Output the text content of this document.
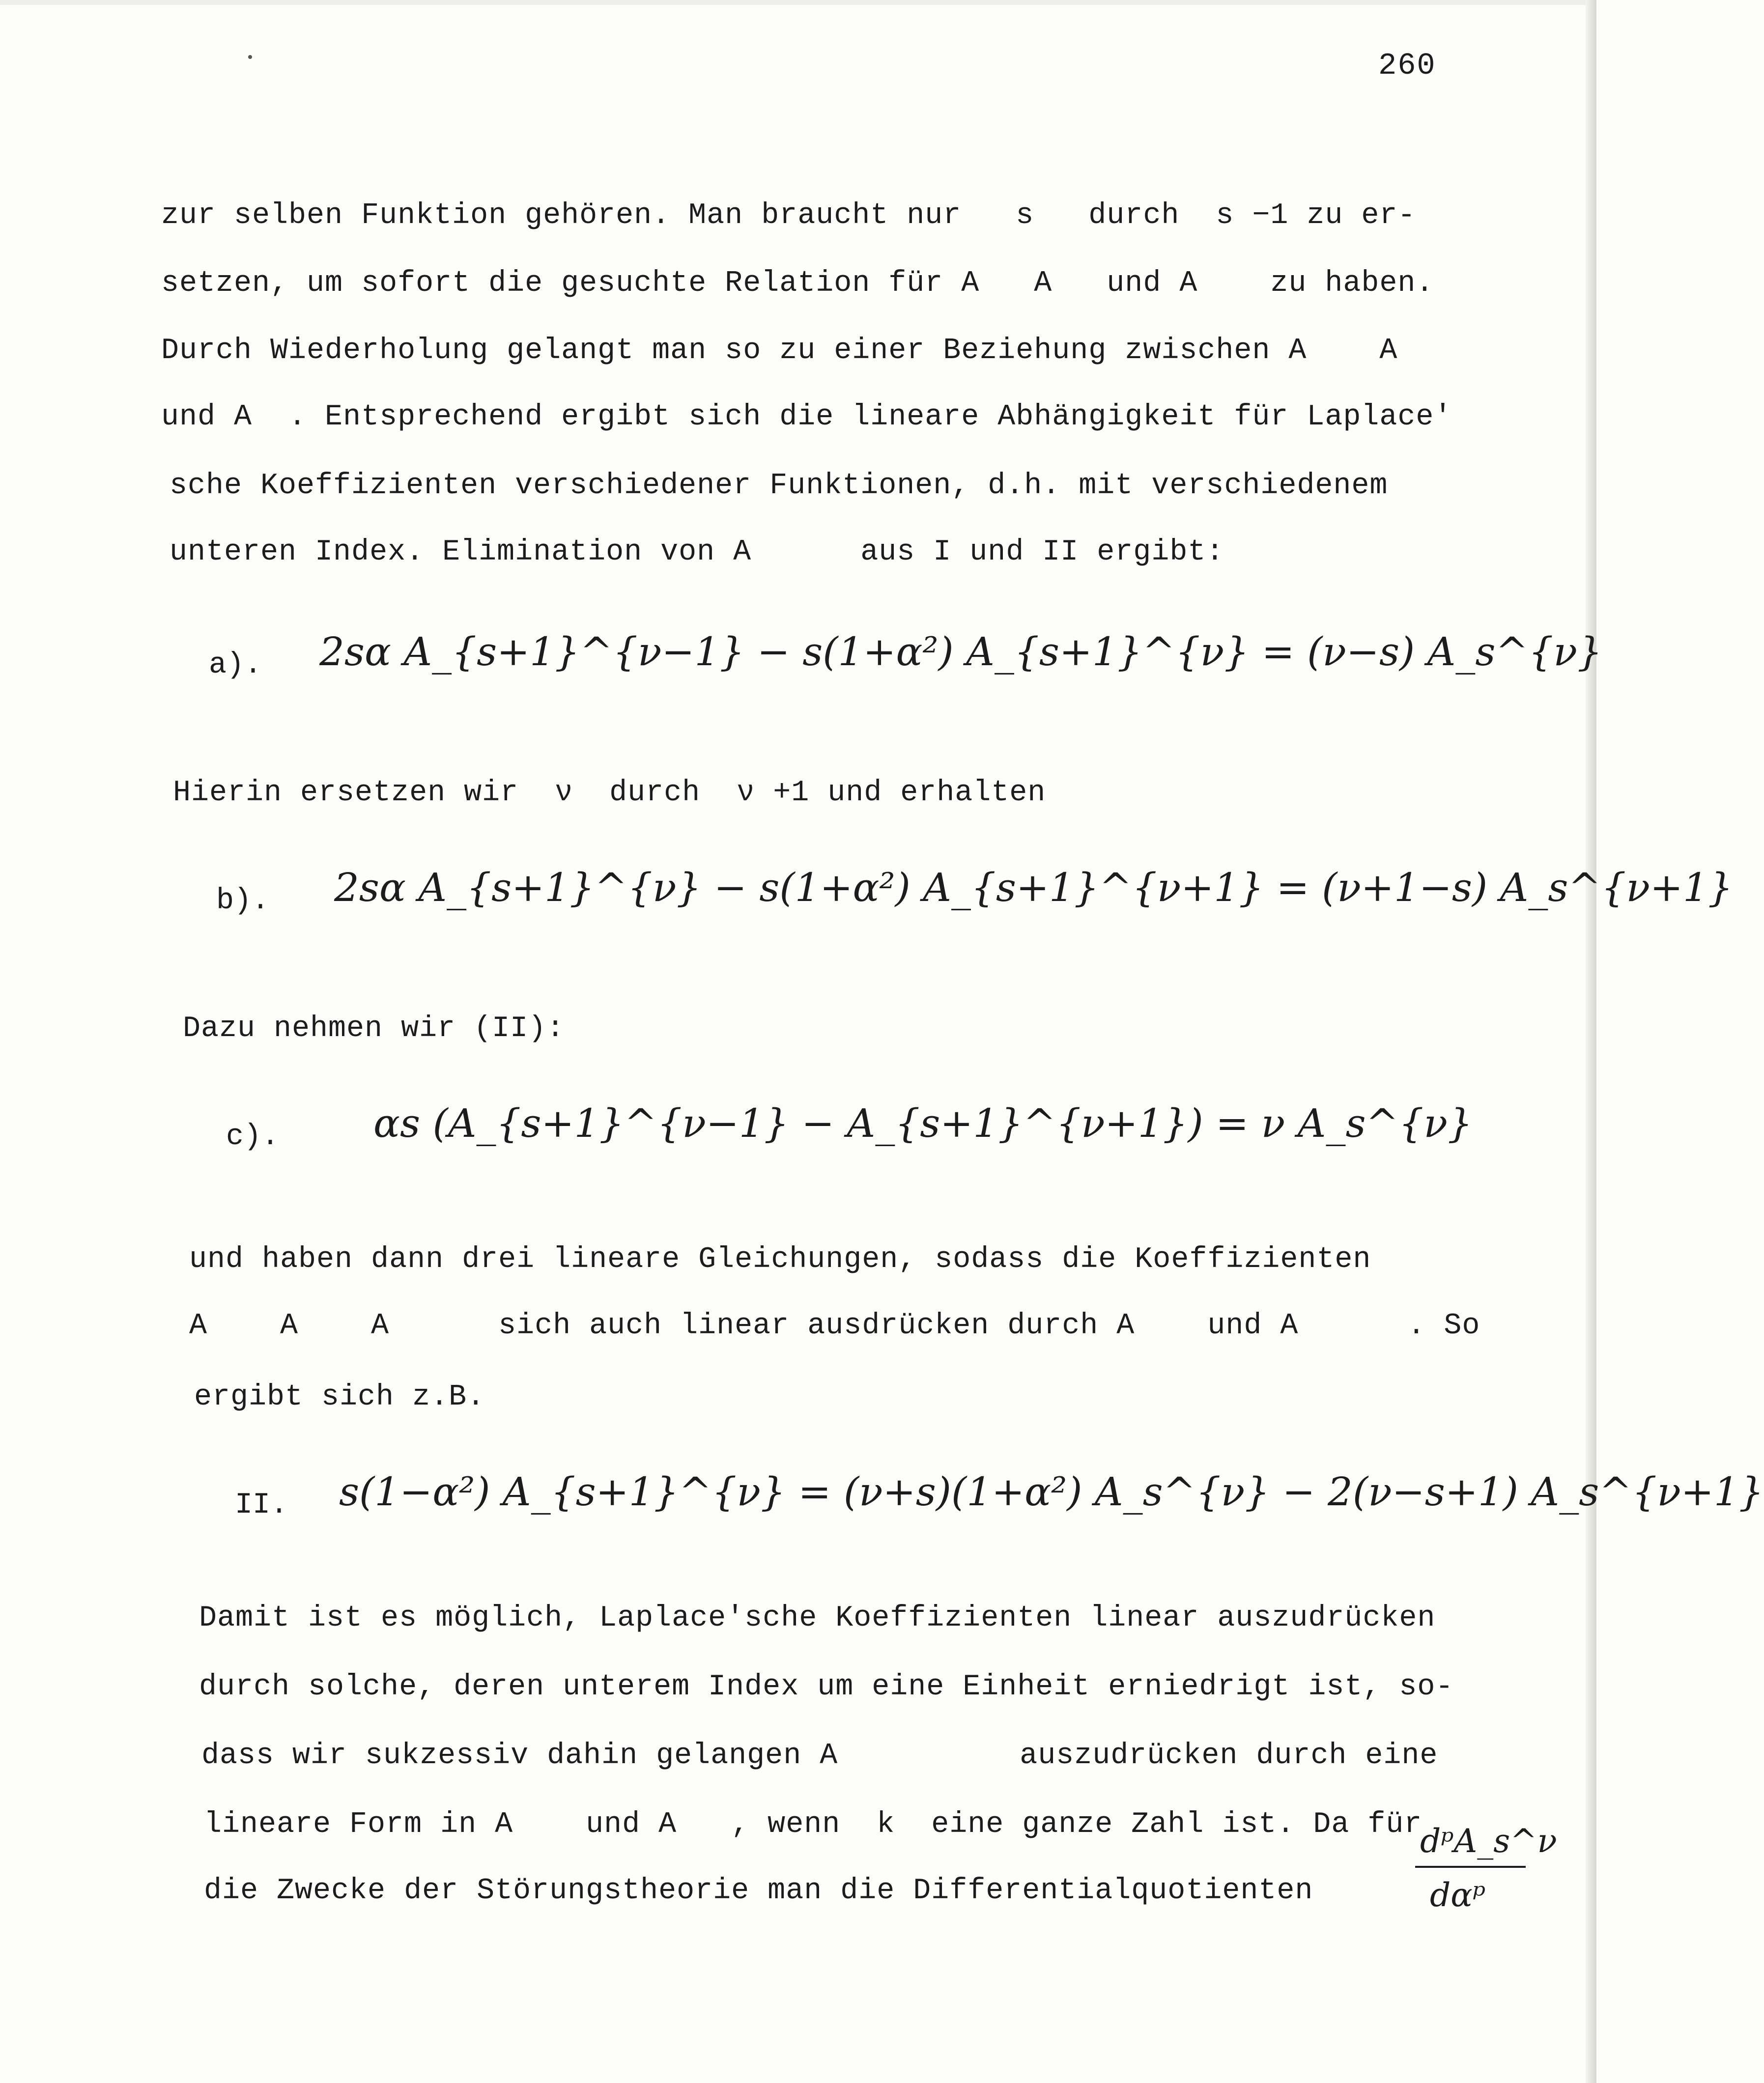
260
zur selben Funktion gehören. Man braucht nur   s   durch  s −1 zu er-
setzen, um sofort die gesuchte Relation für A   A   und A    zu haben.
Durch Wiederholung gelangt man so zu einer Beziehung zwischen A    A
und A  . Entsprechend ergibt sich die lineare Abhängigkeit für Laplace'
sche Koeffizienten verschiedener Funktionen, d.h. mit verschiedenem
unteren Index. Elimination von A      aus I und II ergibt:
a). 2sα A_{s+1}^{ν−1} − s(1+α²) A_{s+1}^{ν} = (ν−s) A_s^{ν}
Hierin ersetzen wir  ν  durch  ν +1 und erhalten
b). 2sα A_{s+1}^{ν} − s(1+α²) A_{s+1}^{ν+1} = (ν+1−s) A_s^{ν+1}
Dazu nehmen wir (II):
c). αs (A_{s+1}^{ν−1} − A_{s+1}^{ν+1}) = ν A_s^{ν}
und haben dann drei lineare Gleichungen, sodass die Koeffizienten
A    A    A      sich auch linear ausdrücken durch A    und A      . So
ergibt sich z.B.
II. s(1−α²) A_{s+1}^{ν} = (ν+s)(1+α²) A_s^{ν} − 2(ν−s+1) A_s^{ν+1}
Damit ist es möglich, Laplace'sche Koeffizienten linear auszudrücken
durch solche, deren unterem Index um eine Einheit erniedrigt ist, so-
dass wir sukzessiv dahin gelangen A          auszudrücken durch eine
lineare Form in A    und A   , wenn  k  eine ganze Zahl ist. Da für
die Zwecke der Störungstheorie man die Differentialquotienten
dᵖA_s^ν
dαᵖ
